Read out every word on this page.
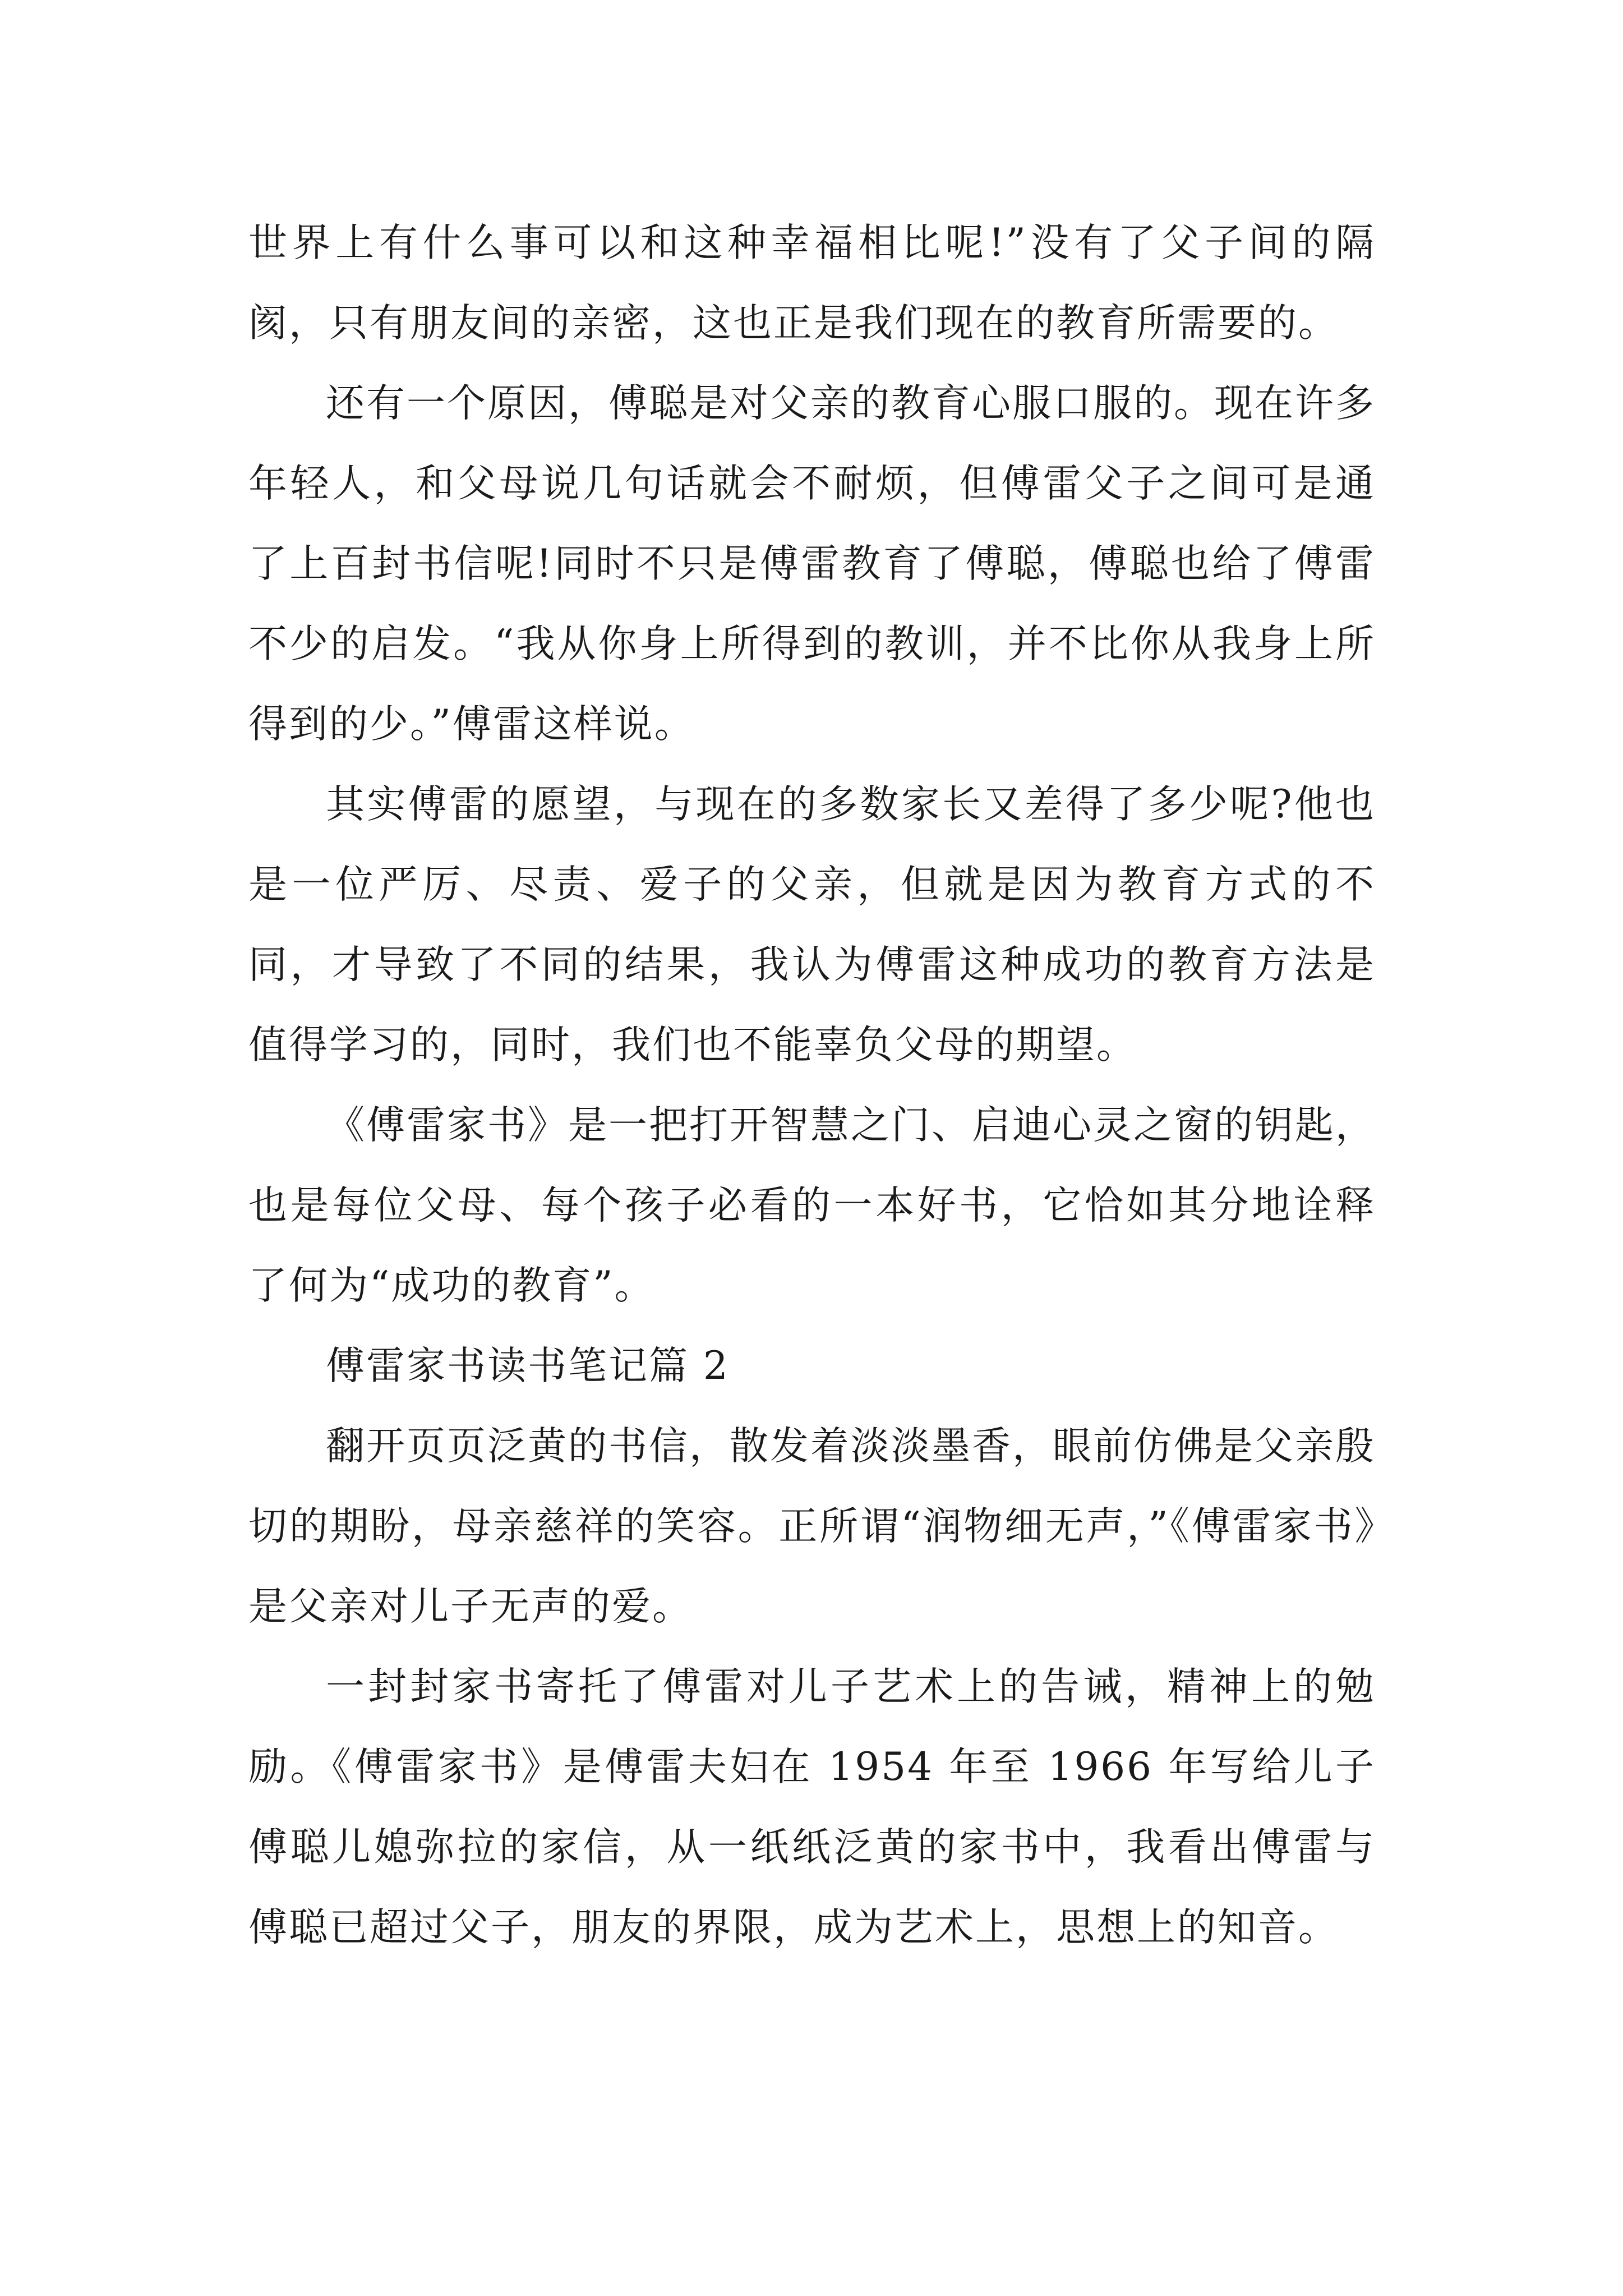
世界上有什么事可以和这种幸福相比呢!”没有了父子间的隔阂，只有朋友间的亲密，这也正是我们现在的教育所需要的。

还有一个原因，傅聪是对父亲的教育心服口服的。现在许多年轻人，和父母说几句话就会不耐烦，但傅雷父子之间可是通了上百封书信呢!同时不只是傅雷教育了傅聪，傅聪也给了傅雷不少的启发。“我从你身上所得到的教训，并不比你从我身上所得到的少。”傅雷这样说。

其实傅雷的愿望，与现在的多数家长又差得了多少呢?他也是一位严厉、尽责、爱子的父亲，但就是因为教育方式的不同，才导致了不同的结果，我认为傅雷这种成功的教育方法是值得学习的，同时，我们也不能辜负父母的期望。

《傅雷家书》是一把打开智慧之门、启迪心灵之窗的钥匙，也是每位父母、每个孩子必看的一本好书，它恰如其分地诠释了何为“成功的教育”。

傅雷家书读书笔记篇 2

翻开页页泛黄的书信，散发着淡淡墨香，眼前仿佛是父亲殷切的期盼，母亲慈祥的笑容。正所谓“润物细无声，”《傅雷家书》是父亲对儿子无声的爱。

一封封家书寄托了傅雷对儿子艺术上的告诫，精神上的勉励。《傅雷家书》是傅雷夫妇在 1954 年至 1966 年写给儿子傅聪儿媳弥拉的家信，从一纸纸泛黄的家书中，我看出傅雷与傅聪已超过父子，朋友的界限，成为艺术上，思想上的知音。
